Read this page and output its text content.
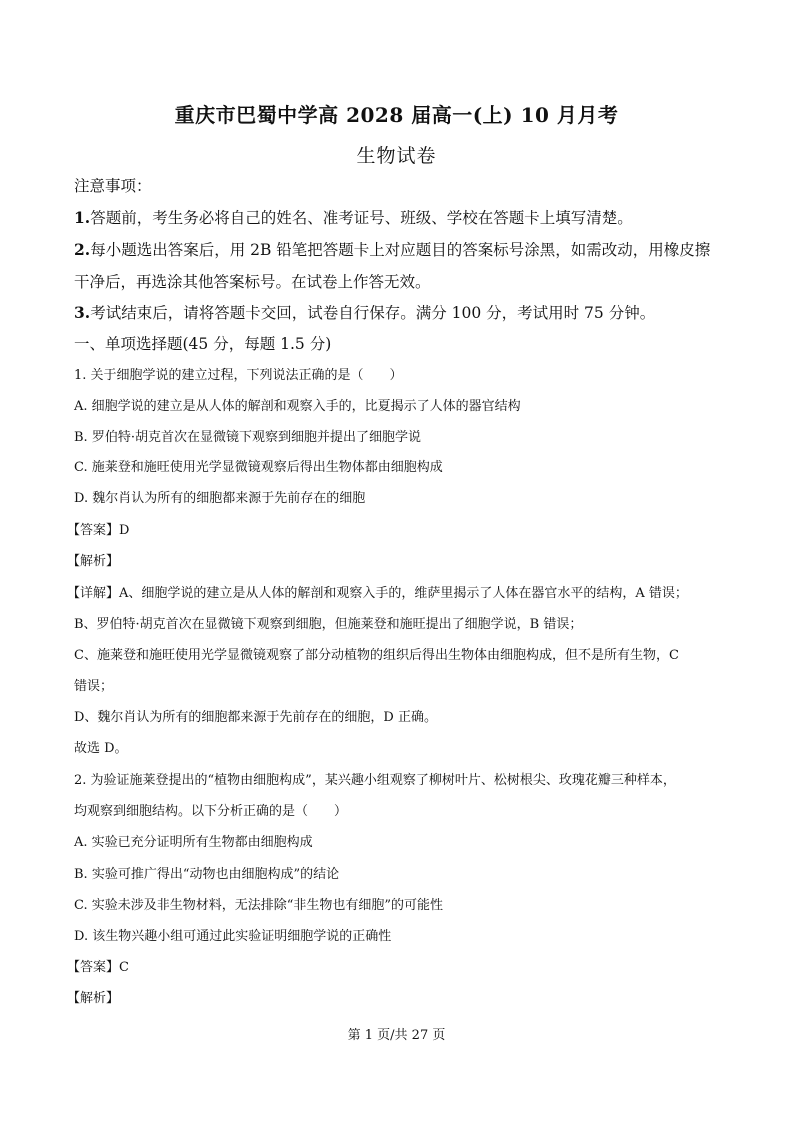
重庆市巴蜀中学高 2028 届高一(上) 10 月月考
生物试卷
注意事项：
1.答题前，考生务必将自己的姓名、准考证号、班级、学校在答题卡上填写清楚。
2.每小题选出答案后，用 2B 铅笔把答题卡上对应题目的答案标号涂黑，如需改动，用橡皮擦
干净后，再选涂其他答案标号。在试卷上作答无效。
3.考试结束后，请将答题卡交回，试卷自行保存。满分 100 分，考试用时 75 分钟。
一、单项选择题(45 分，每题 1.5 分)
1. 关于细胞学说的建立过程，下列说法正确的是（　　）
A. 细胞学说的建立是从人体的解剖和观察入手的，比夏揭示了人体的器官结构
B. 罗伯特·胡克首次在显微镜下观察到细胞并提出了细胞学说
C. 施莱登和施旺使用光学显微镜观察后得出生物体都由细胞构成
D. 魏尔肖认为所有的细胞都来源于先前存在的细胞
【答案】D
【解析】
【详解】A、细胞学说的建立是从人体的解剖和观察入手的，维萨里揭示了人体在器官水平的结构，A 错误；
B、罗伯特·胡克首次在显微镜下观察到细胞，但施莱登和施旺提出了细胞学说，B 错误；
C、施莱登和施旺使用光学显微镜观察了部分动植物的组织后得出生物体由细胞构成，但不是所有生物，C
错误；
D、魏尔肖认为所有的细胞都来源于先前存在的细胞，D 正确。
故选 D。
2. 为验证施莱登提出的“植物由细胞构成”，某兴趣小组观察了柳树叶片、松树根尖、玫瑰花瓣三种样本，
均观察到细胞结构。以下分析正确的是（　　）
A. 实验已充分证明所有生物都由细胞构成
B. 实验可推广得出“动物也由细胞构成”的结论
C. 实验未涉及非生物材料，无法排除“非生物也有细胞”的可能性
D. 该生物兴趣小组可通过此实验证明细胞学说的正确性
【答案】C
【解析】
第 1 页/共 27 页
